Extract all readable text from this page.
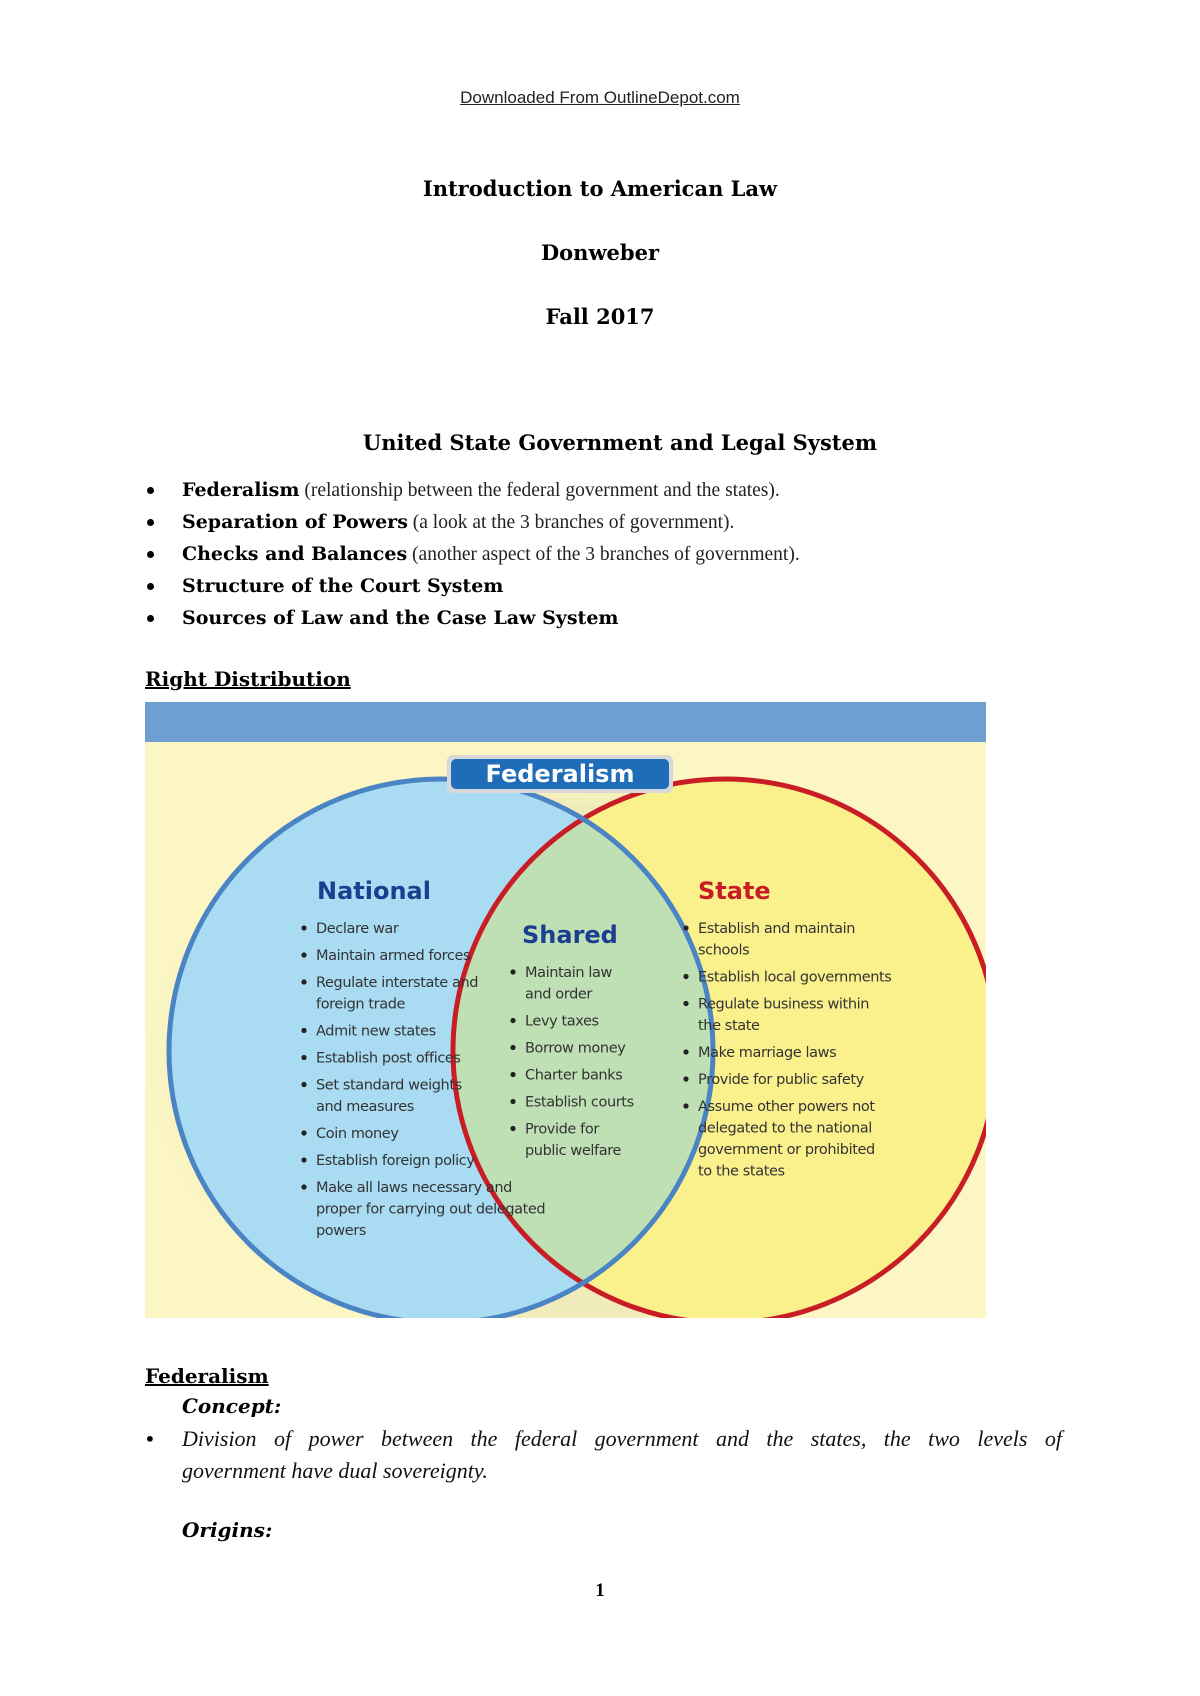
Downloaded From OutlineDepot.com
Introduction to American Law
Donweber
Fall 2017
United State Government and Legal System
Federalism (relationship between the federal government and the states).
Separation of Powers (a look at the 3 branches of government).
Checks and Balances (another aspect of the 3 branches of government).
Structure of the Court System
Sources of Law and the Case Law System
Right Distribution
Federalism
National
Shared
State
Declare war
Maintain armed forces
Regulate interstate and
foreign trade
Admit new states
Establish post offices
Set standard weights
and measures
Coin money
Establish foreign policy
Make all laws necessary and
proper for carrying out delegated
powers
Maintain law
and order
Levy taxes
Borrow money
Charter banks
Establish courts
Provide for
public welfare
Establish and maintain
schools
Establish local governments
Regulate business within
the state
Make marriage laws
Provide for public safety
Assume other powers not
delegated to the national
government or prohibited
to the states
Federalism
Concept:
• Division of power between the federal government and the states, the two levels of
government have dual sovereignty.
Origins:
1
